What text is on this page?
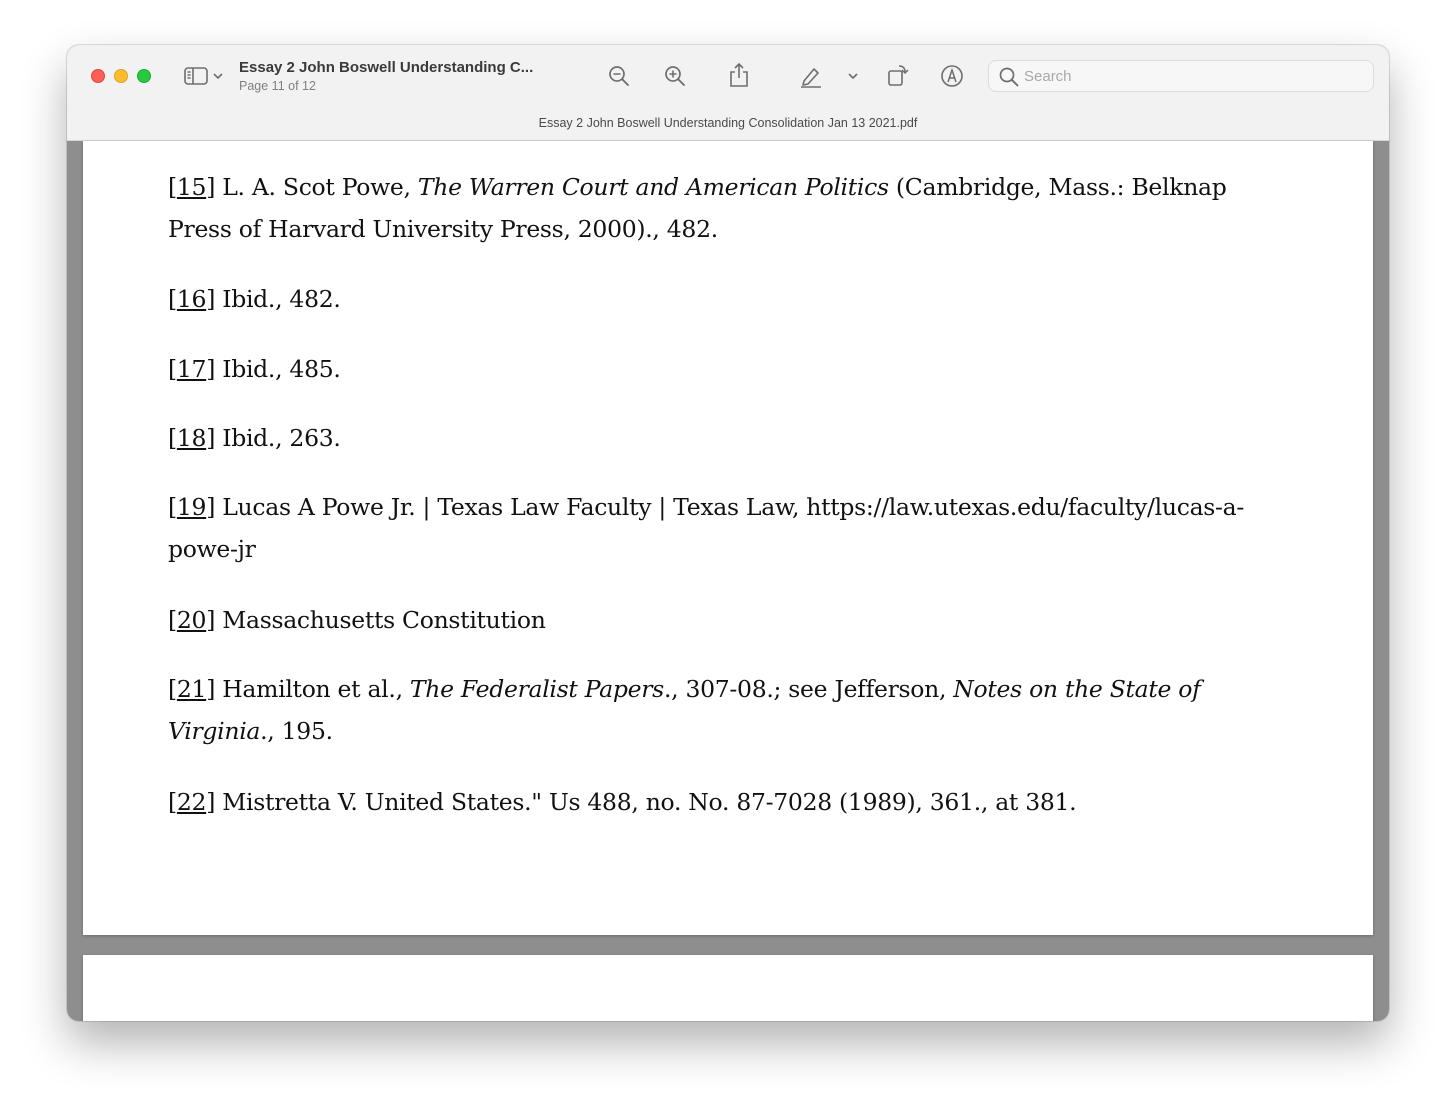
Essay 2 John Boswell Understanding C...
Page 11 of 12
Search
Essay 2 John Boswell Understanding Consolidation Jan 13 2021.pdf
[15] L. A. Scot Powe, The Warren Court and American Politics (Cambridge, Mass.: Belknap Press of Harvard University Press, 2000)., 482.
[16] Ibid., 482.
[17] Ibid., 485.
[18] Ibid., 263.
[19] Lucas A Powe Jr. | Texas Law Faculty | Texas Law, https://law.utexas.edu/faculty/lucas-a-powe-jr
[20] Massachusetts Constitution
[21] Hamilton et al., The Federalist Papers., 307-08.; see Jefferson, Notes on the State of Virginia., 195.
[22] Mistretta V. United States." Us 488, no. No. 87-7028 (1989), 361., at 381.
